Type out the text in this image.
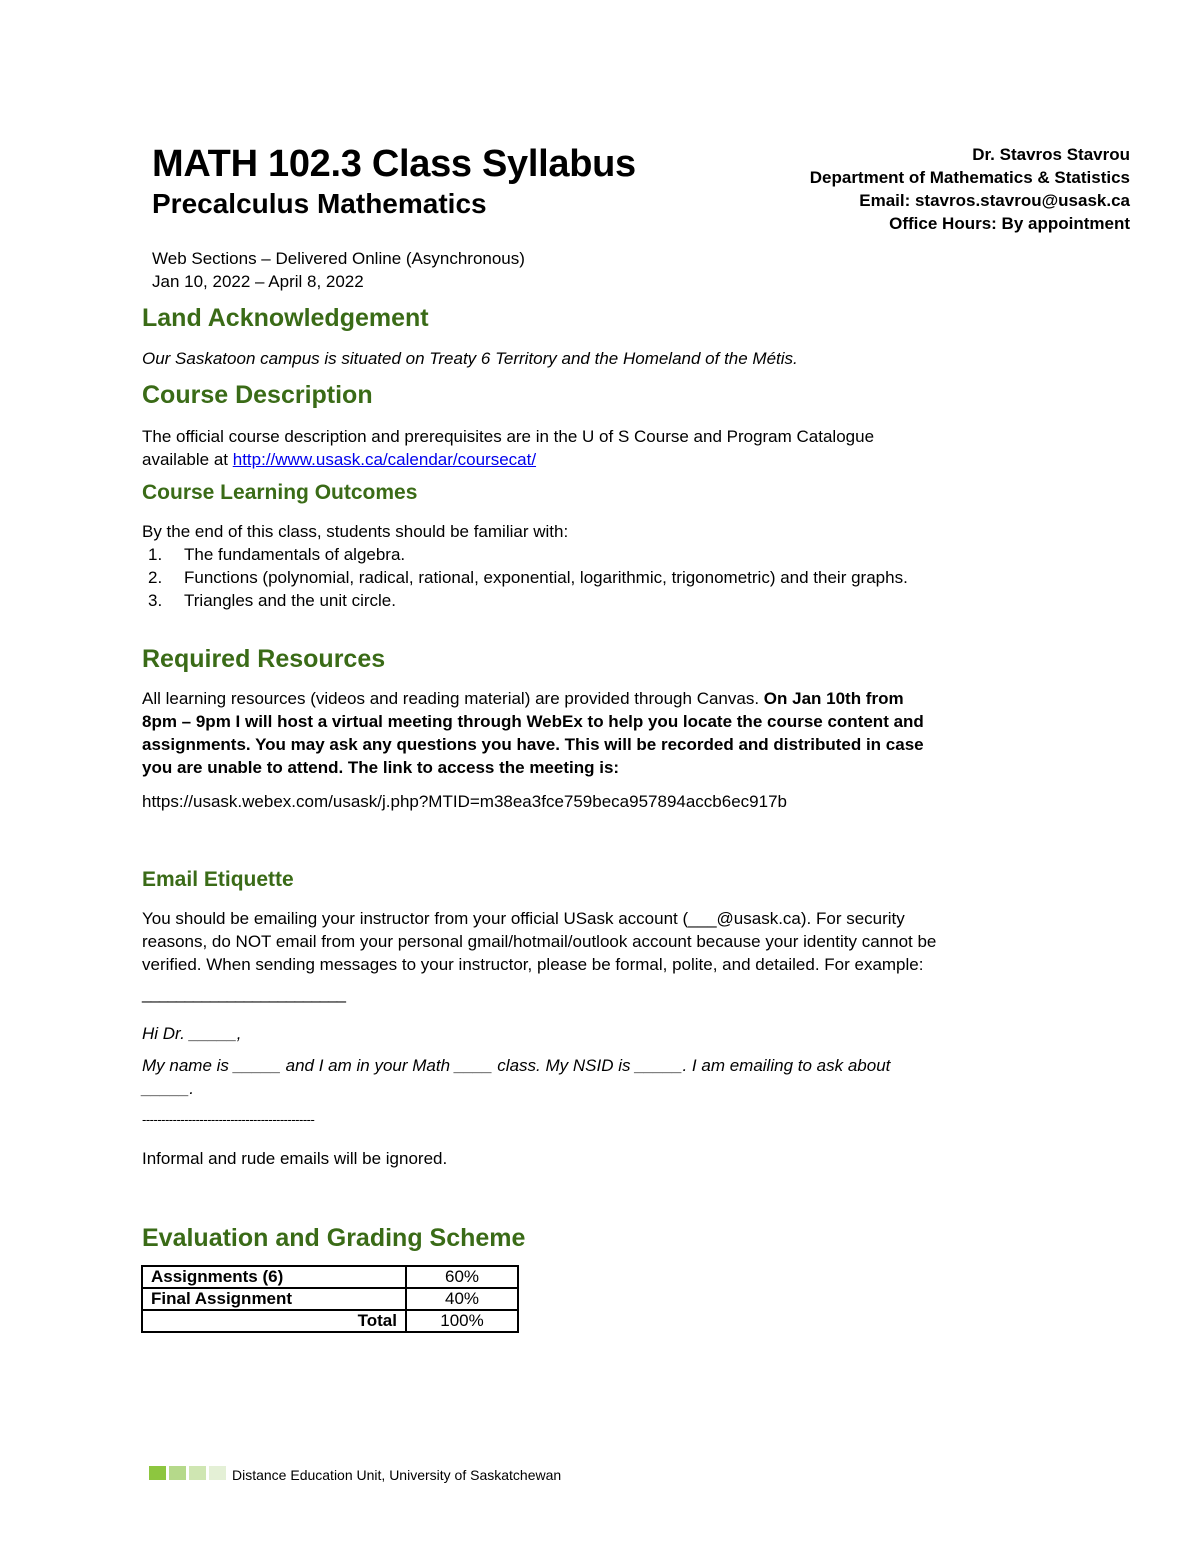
MATH 102.3 Class Syllabus
Precalculus Mathematics
Web Sections – Delivered Online (Asynchronous)
Jan 10, 2022 – April 8, 2022
Dr. Stavros Stavrou
Department of Mathematics & Statistics
Email: stavros.stavrou@usask.ca
Office Hours: By appointment
Land Acknowledgement
Our Saskatoon campus is situated on Treaty 6 Territory and the Homeland of the Métis.
Course Description
The official course description and prerequisites are in the U of S Course and Program Catalogue
available at http://www.usask.ca/calendar/coursecat/
Course Learning Outcomes
By the end of this class, students should be familiar with:
1.	The fundamentals of algebra.
2.	Functions (polynomial, radical, rational, exponential, logarithmic, trigonometric) and their graphs.
3.	Triangles and the unit circle.
Required Resources
All learning resources (videos and reading material) are provided through Canvas. On Jan 10th from
8pm – 9pm I will host a virtual meeting through WebEx to help you locate the course content and
assignments. You may ask any questions you have. This will be recorded and distributed in case
you are unable to attend. The link to access the meeting is:
https://usask.webex.com/usask/j.php?MTID=m38ea3fce759beca957894accb6ec917b
Email Etiquette
You should be emailing your instructor from your official USask account (___@usask.ca). For security
reasons, do NOT email from your personal gmail/hotmail/outlook account because your identity cannot be
verified. When sending messages to your instructor, please be formal, polite, and detailed. For example:
________________________
Hi Dr. _____,
My name is _____ and I am in your Math ____ class. My NSID is _____. I am emailing to ask about
_____.
---------------------------------------------
Informal and rude emails will be ignored.
Evaluation and Grading Scheme
Assignments (6)	60%
Final Assignment	40%
Total	100%
Distance Education Unit, University of Saskatchewan
